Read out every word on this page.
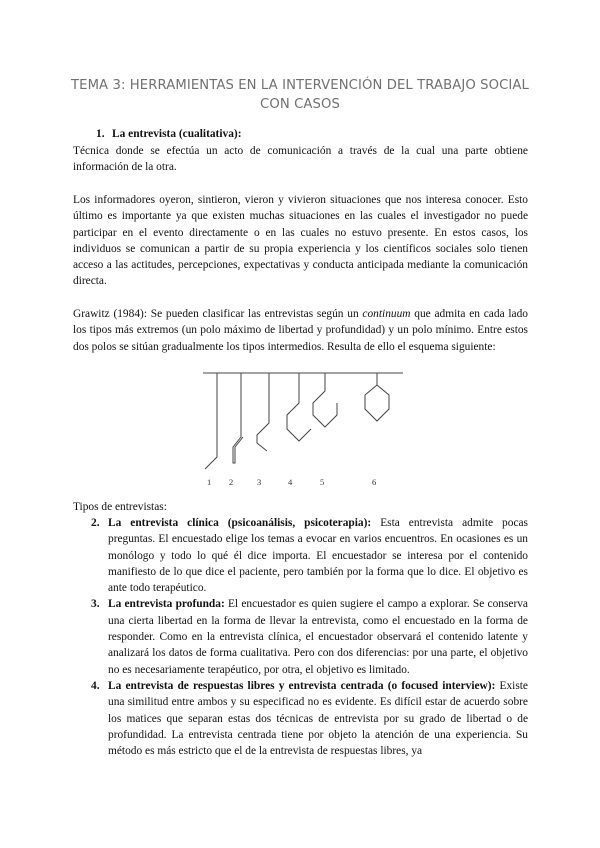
TEMA 3: HERRAMIENTAS EN LA INTERVENCIÓN DEL TRABAJO SOCIAL CON CASOS
1. La entrevista (cualitativa):
Técnica donde se efectúa un acto de comunicación a través de la cual una parte obtiene información de la otra.
Los informadores oyeron, sintieron, vieron y vivieron situaciones que nos interesa conocer. Esto último es importante ya que existen muchas situaciones en las cuales el investigador no puede participar en el evento directamente o en las cuales no estuvo presente. En estos casos, los individuos se comunican a partir de su propia experiencia y los científicos sociales solo tienen acceso a las actitudes, percepciones, expectativas y conducta anticipada mediante la comunicación directa.
Grawitz (1984): Se pueden clasificar las entrevistas según un continuum que admita en cada lado los tipos más extremos (un polo máximo de libertad y profundidad) y un polo mínimo. Entre estos dos polos se sitúan gradualmente los tipos intermedios. Resulta de ello el esquema siguiente:
1 2	3	4	5	6
Tipos de entrevistas:
2. La entrevista clínica (psicoanálisis, psicoterapia): Esta entrevista admite pocas preguntas. El encuestado elige los temas a evocar en varios encuentros. En ocasiones es un monólogo y todo lo qué él dice importa. El encuestador se interesa por el contenido manifiesto de lo que dice el paciente, pero también por la forma que lo dice. El objetivo es ante todo terapéutico.
3. La entrevista profunda: El encuestador es quien sugiere el campo a explorar. Se conserva una cierta libertad en la forma de llevar la entrevista, como el encuestado en la forma de responder. Como en la entrevista clínica, el encuestador observará el contenido latente y analizará los datos de forma cualitativa. Pero con dos diferencias: por una parte, el objetivo no es necesariamente terapéutico, por otra, el objetivo es limitado.
4. La entrevista de respuestas libres y entrevista centrada (o focused interview): Existe una similitud entre ambos y su especificad no es evidente. Es difícil estar de acuerdo sobre los matices que separan estas dos técnicas de entrevista por su grado de libertad o de profundidad. La entrevista centrada tiene por objeto la atención de una experiencia. Su método es más estricto que el de la entrevista de respuestas libres, ya
